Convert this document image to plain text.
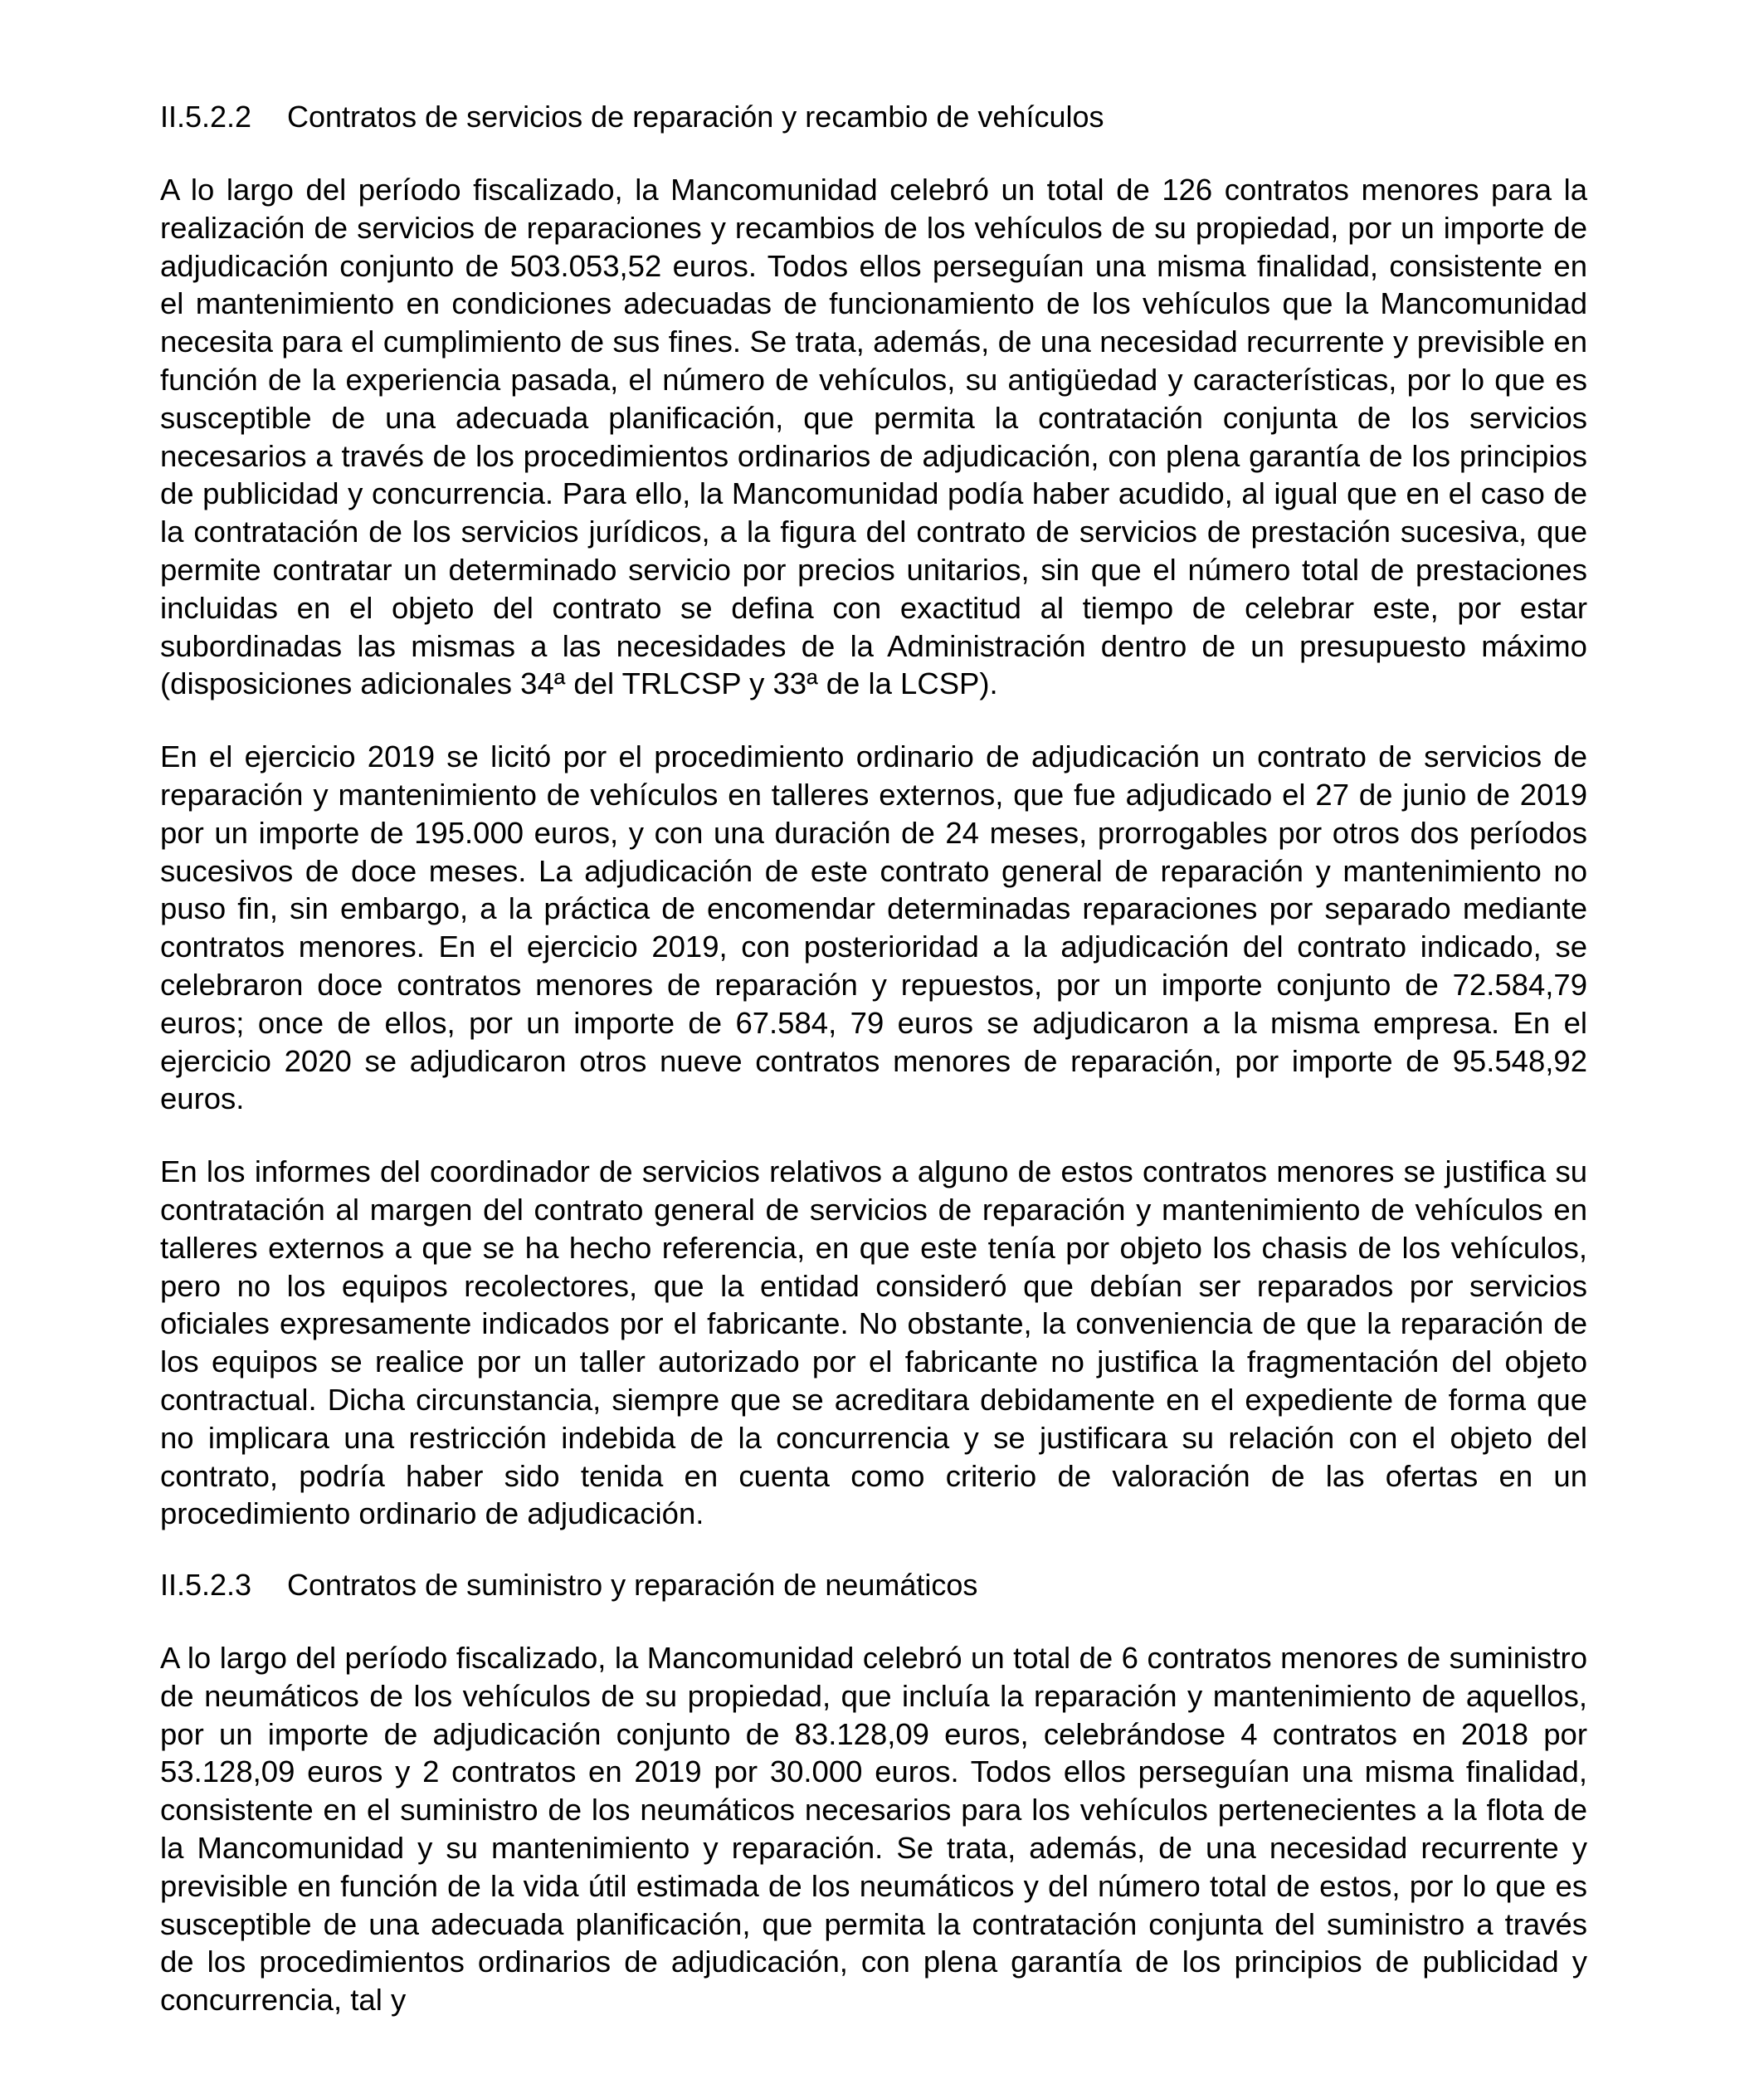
II.5.2.2 Contratos de servicios de reparación y recambio de vehículos

A lo largo del período fiscalizado, la Mancomunidad celebró un total de 126 contratos menores para la realización de servicios de reparaciones y recambios de los vehículos de su propiedad, por un importe de adjudicación conjunto de 503.053,52 euros. Todos ellos perseguían una misma finalidad, consistente en el mantenimiento en condiciones adecuadas de funcionamiento de los vehículos que la Mancomunidad necesita para el cumplimiento de sus fines. Se trata, además, de una necesidad recurrente y previsible en función de la experiencia pasada, el número de vehículos, su antigüedad y características, por lo que es susceptible de una adecuada planificación, que permita la contratación conjunta de los servicios necesarios a través de los procedimientos ordinarios de adjudicación, con plena garantía de los principios de publicidad y concurrencia. Para ello, la Mancomunidad podía haber acudido, al igual que en el caso de la contratación de los servicios jurídicos, a la figura del contrato de servicios de prestación sucesiva, que permite contratar un determinado servicio por precios unitarios, sin que el número total de prestaciones incluidas en el objeto del contrato se defina con exactitud al tiempo de celebrar este, por estar subordinadas las mismas a las necesidades de la Administración dentro de un presupuesto máximo (disposiciones adicionales 34ª del TRLCSP y 33ª de la LCSP).

En el ejercicio 2019 se licitó por el procedimiento ordinario de adjudicación un contrato de servicios de reparación y mantenimiento de vehículos en talleres externos, que fue adjudicado el 27 de junio de 2019 por un importe de 195.000 euros, y con una duración de 24 meses, prorrogables por otros dos períodos sucesivos de doce meses. La adjudicación de este contrato general de reparación y mantenimiento no puso fin, sin embargo, a la práctica de encomendar determinadas reparaciones por separado mediante contratos menores. En el ejercicio 2019, con posterioridad a la adjudicación del contrato indicado, se celebraron doce contratos menores de reparación y repuestos, por un importe conjunto de 72.584,79 euros; once de ellos, por un importe de 67.584, 79 euros se adjudicaron a la misma empresa. En el ejercicio 2020 se adjudicaron otros nueve contratos menores de reparación, por importe de 95.548,92 euros.

En los informes del coordinador de servicios relativos a alguno de estos contratos menores se justifica su contratación al margen del contrato general de servicios de reparación y mantenimiento de vehículos en talleres externos a que se ha hecho referencia, en que este tenía por objeto los chasis de los vehículos, pero no los equipos recolectores, que la entidad consideró que debían ser reparados por servicios oficiales expresamente indicados por el fabricante. No obstante, la conveniencia de que la reparación de los equipos se realice por un taller autorizado por el fabricante no justifica la fragmentación del objeto contractual. Dicha circunstancia, siempre que se acreditara debidamente en el expediente de forma que no implicara una restricción indebida de la concurrencia y se justificara su relación con el objeto del contrato, podría haber sido tenida en cuenta como criterio de valoración de las ofertas en un procedimiento ordinario de adjudicación.

II.5.2.3 Contratos de suministro y reparación de neumáticos

A lo largo del período fiscalizado, la Mancomunidad celebró un total de 6 contratos menores de suministro de neumáticos de los vehículos de su propiedad, que incluía la reparación y mantenimiento de aquellos, por un importe de adjudicación conjunto de 83.128,09 euros, celebrándose 4 contratos en 2018 por 53.128,09 euros y 2 contratos en 2019 por 30.000 euros. Todos ellos perseguían una misma finalidad, consistente en el suministro de los neumáticos necesarios para los vehículos pertenecientes a la flota de la Mancomunidad y su mantenimiento y reparación. Se trata, además, de una necesidad recurrente y previsible en función de la vida útil estimada de los neumáticos y del número total de estos, por lo que es susceptible de una adecuada planificación, que permita la contratación conjunta del suministro a través de los procedimientos ordinarios de adjudicación, con plena garantía de los principios de publicidad y concurrencia, tal y
